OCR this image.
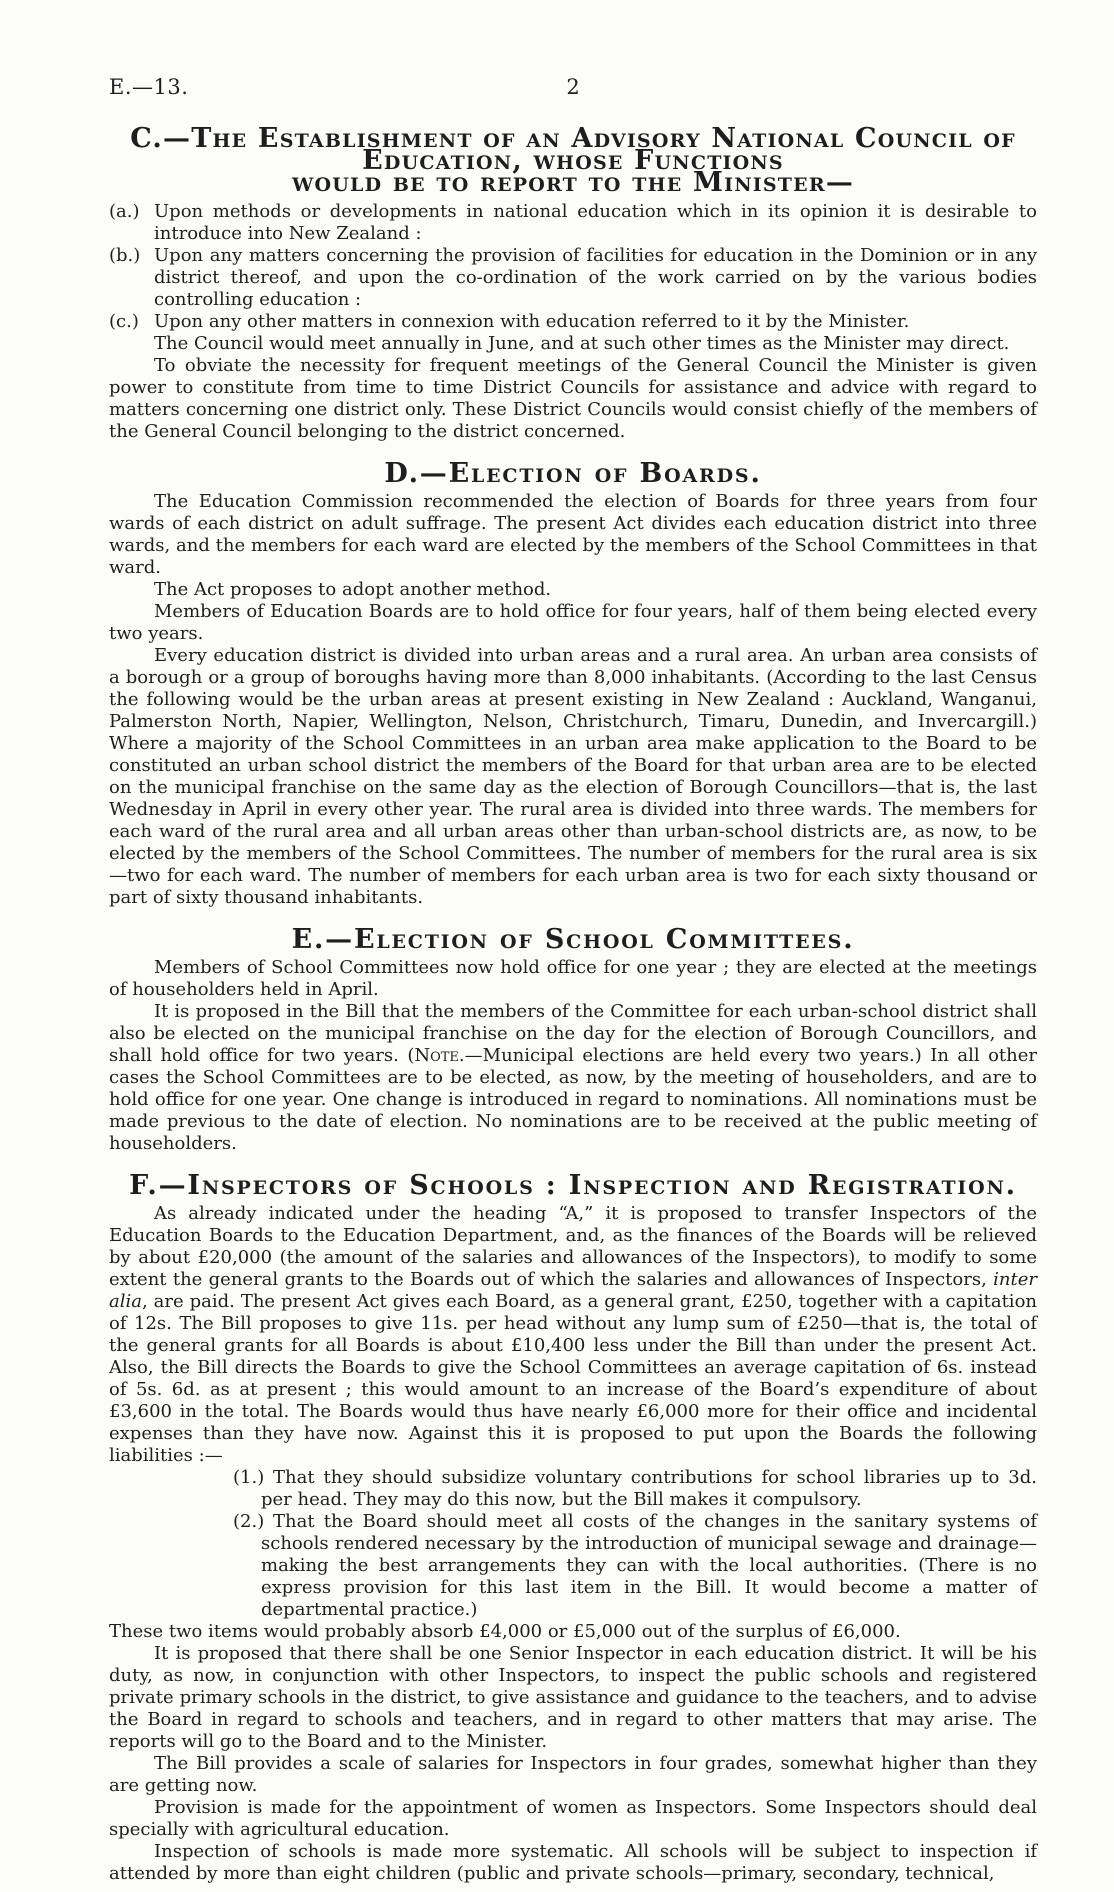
E.—13.	2
C.—The Establishment of an Advisory National Council of Education, whose Functions
would be to report to the Minister—

(a.) Upon methods or developments in national education which in its opinion it is desirable to introduce into New Zealand :

(b.) Upon any matters concerning the provision of facilities for education in the Dominion or in any district thereof, and upon the co-ordination of the work carried on by the various bodies controlling education :

(c.) Upon any other matters in connexion with education referred to it by the Minister.

The Council would meet annually in June, and at such other times as the Minister may direct.

To obviate the necessity for frequent meetings of the General Council the Minister is given power to constitute from time to time District Councils for assistance and advice with regard to matters concerning one district only. These District Councils would consist chiefly of the members of the General Council belonging to the district concerned.

D.—Election of Boards.

The Education Commission recommended the election of Boards for three years from four wards of each district on adult suffrage. The present Act divides each education district into three wards, and the members for each ward are elected by the members of the School Committees in that ward.

The Act proposes to adopt another method.

Members of Education Boards are to hold office for four years, half of them being elected every two years.

Every education district is divided into urban areas and a rural area. An urban area consists of a borough or a group of boroughs having more than 8,000 inhabitants. (According to the last Census the following would be the urban areas at present existing in New Zealand : Auckland, Wanganui, Palmerston North, Napier, Wellington, Nelson, Christchurch, Timaru, Dunedin, and Invercargill.) Where a majority of the School Committees in an urban area make application to the Board to be constituted an urban school district the members of the Board for that urban area are to be elected on the municipal franchise on the same day as the election of Borough Councillors—that is, the last Wednesday in April in every other year. The rural area is divided into three wards. The members for each ward of the rural area and all urban areas other than urban-school districts are, as now, to be elected by the members of the School Committees. The number of members for the rural area is six—two for each ward. The number of members for each urban area is two for each sixty thousand or part of sixty thousand inhabitants.

E.—Election of School Committees.

Members of School Committees now hold office for one year ; they are elected at the meetings of householders held in April.

It is proposed in the Bill that the members of the Committee for each urban-school district shall also be elected on the municipal franchise on the day for the election of Borough Councillors, and shall hold office for two years. (Note.—Municipal elections are held every two years.) In all other cases the School Committees are to be elected, as now, by the meeting of householders, and are to hold office for one year. One change is introduced in regard to nominations. All nominations must be made previous to the date of election. No nominations are to be received at the public meeting of householders.

F.—Inspectors of Schools : Inspection and Registration.

As already indicated under the heading “A,” it is proposed to transfer Inspectors of the Education Boards to the Education Department, and, as the finances of the Boards will be relieved by about £20,000 (the amount of the salaries and allowances of the Inspectors), to modify to some extent the general grants to the Boards out of which the salaries and allowances of Inspectors, inter alia, are paid. The present Act gives each Board, as a general grant, £250, together with a capitation of 12s. The Bill proposes to give 11s. per head without any lump sum of £250—that is, the total of the general grants for all Boards is about £10,400 less under the Bill than under the present Act. Also, the Bill directs the Boards to give the School Committees an average capitation of 6s. instead of 5s. 6d. as at present ; this would amount to an increase of the Board’s expenditure of about £3,600 in the total. The Boards would thus have nearly £6,000 more for their office and incidental expenses than they have now. Against this it is proposed to put upon the Boards the following liabilities :—

(1.) That they should subsidize voluntary contributions for school libraries up to 3d. per head. They may do this now, but the Bill makes it compulsory.

(2.) That the Board should meet all costs of the changes in the sanitary systems of schools rendered necessary by the introduction of municipal sewage and drainage—making the best arrangements they can with the local authorities. (There is no express provision for this last item in the Bill. It would become a matter of departmental practice.)

These two items would probably absorb £4,000 or £5,000 out of the surplus of £6,000.

It is proposed that there shall be one Senior Inspector in each education district. It will be his duty, as now, in conjunction with other Inspectors, to inspect the public schools and registered private primary schools in the district, to give assistance and guidance to the teachers, and to advise the Board in regard to schools and teachers, and in regard to other matters that may arise. The reports will go to the Board and to the Minister.

The Bill provides a scale of salaries for Inspectors in four grades, somewhat higher than they are getting now.

Provision is made for the appointment of women as Inspectors. Some Inspectors should deal specially with agricultural education.

Inspection of schools is made more systematic. All schools will be subject to inspection if attended by more than eight children (public and private schools—primary, secondary, technical,
